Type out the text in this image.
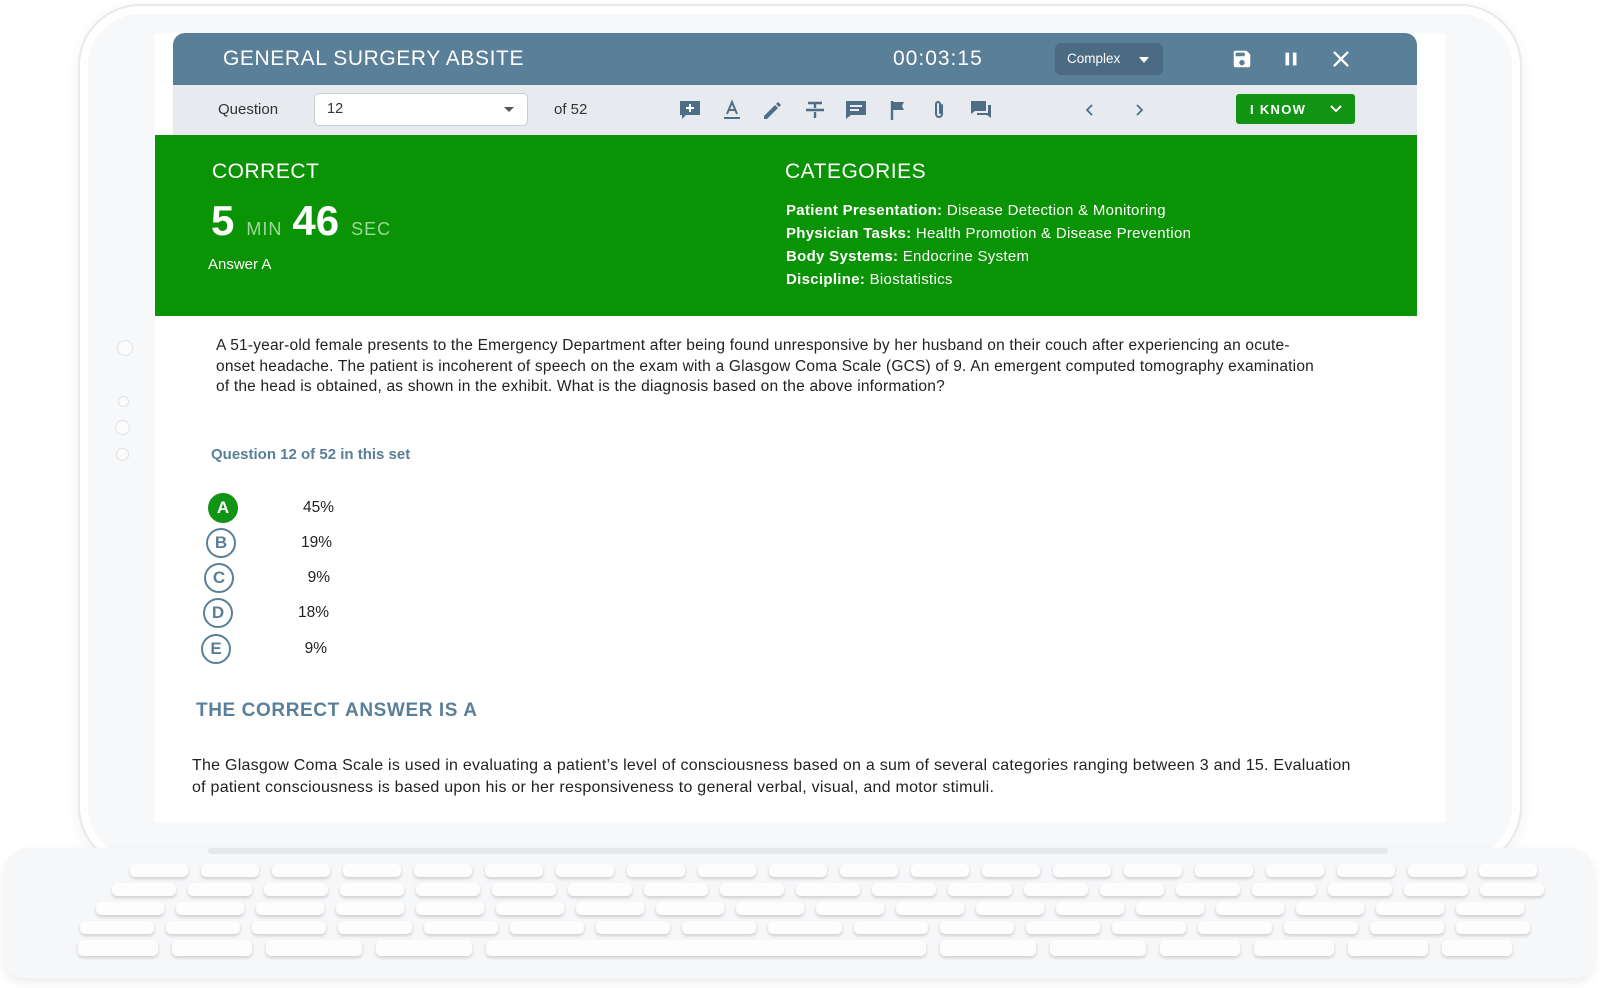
GENERAL SURGERY ABSITE	00:03:15	Complex
Question	12	of 52	I KNOW
CORRECT
5 MIN 46 SEC
Answer A
CATEGORIES
Patient Presentation: Disease Detection & Monitoring
Physician Tasks: Health Promotion & Disease Prevention
Body Systems: Endocrine System
Discipline: Biostatistics
A 51-year-old female presents to the Emergency Department after being found unresponsive by her husband on their couch after experiencing an ocute-onset headache. The patient is incoherent of speech on the exam with a Glasgow Coma Scale (GCS) of 9. An emergent computed tomography examination of the head is obtained, as shown in the exhibit. What is the diagnosis based on the above information?
Question 12 of 52 in this set
A	45%
B	19%
C	9%
D	18%
E	9%
THE CORRECT ANSWER IS A
The Glasgow Coma Scale is used in evaluating a patient’s level of consciousness based on a sum of several categories ranging between 3 and 15. Evaluation of patient consciousness is based upon his or her responsiveness to general verbal, visual, and motor stimuli.
